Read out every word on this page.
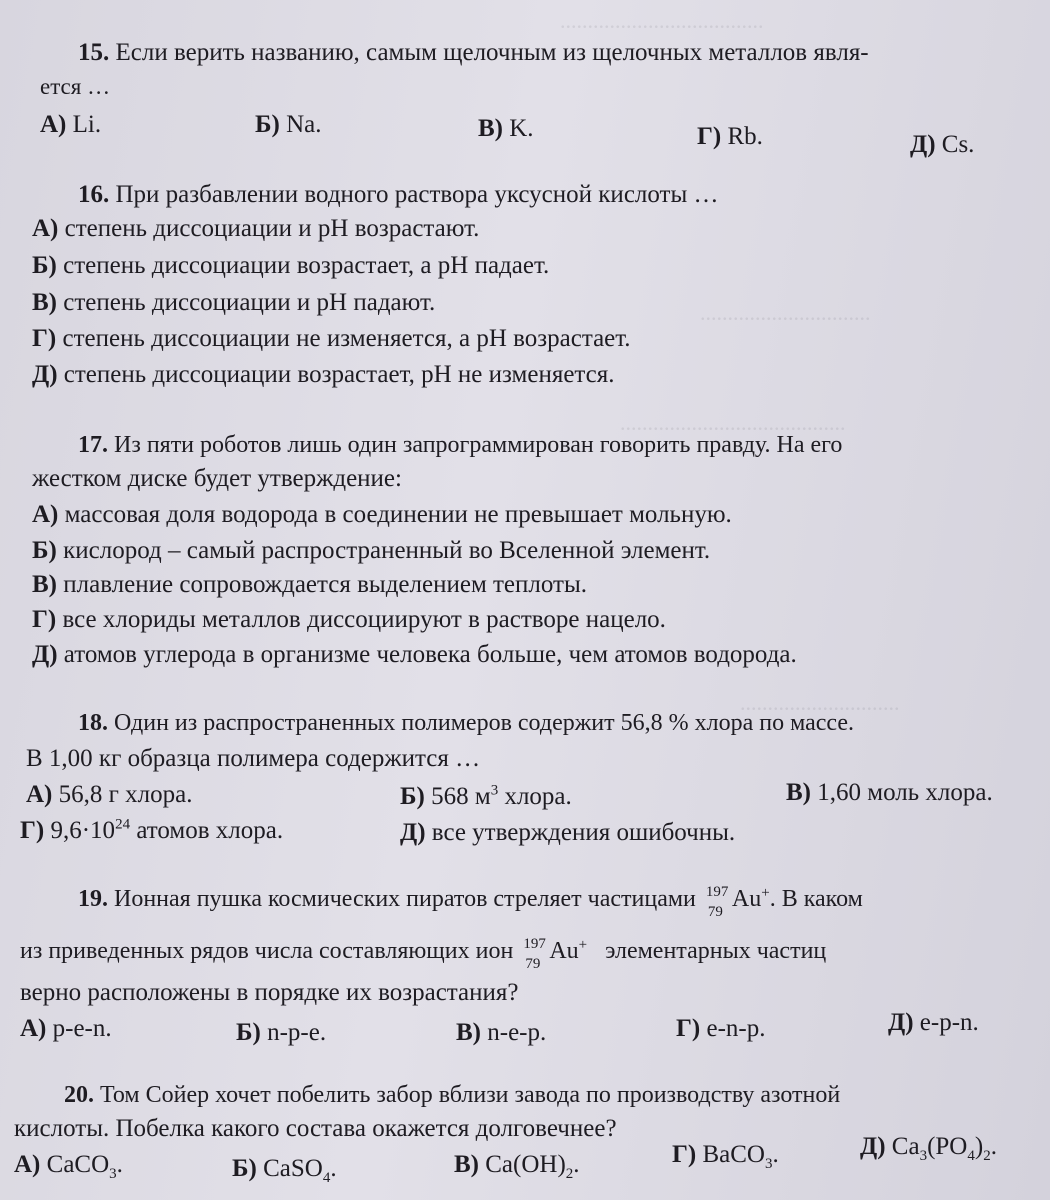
.....................................
...............................
.........................................
.............................
15. Если верить названию, самым щелочным из щелочных металлов явля-
ется …
А) Li.	Б) Na.	В) K.	Г) Rb.	Д) Cs.
16. При разбавлении водного раствора уксусной кислоты …
А) степень диссоциации и pH возрастают.
Б) степень диссоциации возрастает, а pH падает.
В) степень диссоциации и pH падают.
Г) степень диссоциации не изменяется, а pH возрастает.
Д) степень диссоциации возрастает, pH не изменяется.
17. Из пяти роботов лишь один запрограммирован говорить правду. На его
жестком диске будет утверждение:
А) массовая доля водорода в соединении не превышает мольную.
Б) кислород – самый распространенный во Вселенной элемент.
В) плавление сопровождается выделением теплоты.
Г) все хлориды металлов диссоциируют в растворе нацело.
Д) атомов углерода в организме человека больше, чем атомов водорода.
18. Один из распространенных полимеров содержит 56,8 % хлора по массе.
В 1,00 кг образца полимера содержится …
А) 56,8 г хлора.	Б) 568 $м^3$ хлора.	В) 1,60 моль хлора.
Г) $9,6\cdot 10^{24}$ атомов хлора.	Д) все утверждения ошибочны.
19. Ионная пушка космических пиратов стреляет частицами 197
79
Au+. В каком
из приведенных рядов числа составляющих ион 197
79
Au+ элементарных частиц
верно расположены в порядке их возрастания?
А) p-e-n.	Б) n-p-e.	В) n-e-p.	Г) e-n-p.	Д) e-p-n.
20. Том Сойер хочет побелить забор вблизи завода по производству азотной
кислоты. Побелка какого состава окажется долговечнее?
А) CaCO$_3$.	Б) CaSO$_4$.	В) $Ca(OH)_2$.	Г) BaCO$_3$.	Д) $Ca_3(PO_4)_2$.
